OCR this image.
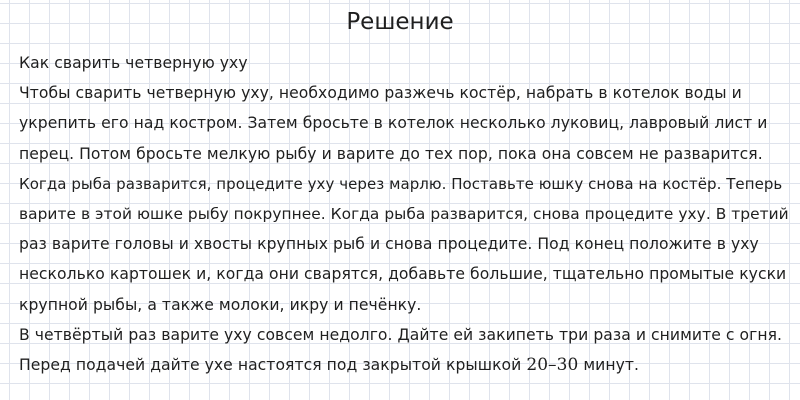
Решение
Как сварить четверную уху
Чтобы сварить четверную уху, необходимо разжечь костёр, набрать в котелок воды и
укрепить его над костром. Затем бросьте в котелок несколько луковиц, лавровый лист и
перец. Потом бросьте мелкую рыбу и варите до тех пор, пока она совсем не разварится.
Когда рыба разварится, процедите уху через марлю. Поставьте юшку снова на костёр. Теперь
варите в этой юшке рыбу покрупнее. Когда рыба разварится, снова процедите уху. В третий
раз варите головы и хвосты крупных рыб и снова процедите. Под конец положите в уху
несколько картошек и, когда они сварятся, добавьте большие, тщательно промытые куски
крупной рыбы, а также молоки, икру и печёнку.
В четвёртый раз варите уху совсем недолго. Дайте ей закипеть три раза и снимите с огня.
Перед подачей дайте ухе настоятся под закрытой крышкой 20–30 минут.
